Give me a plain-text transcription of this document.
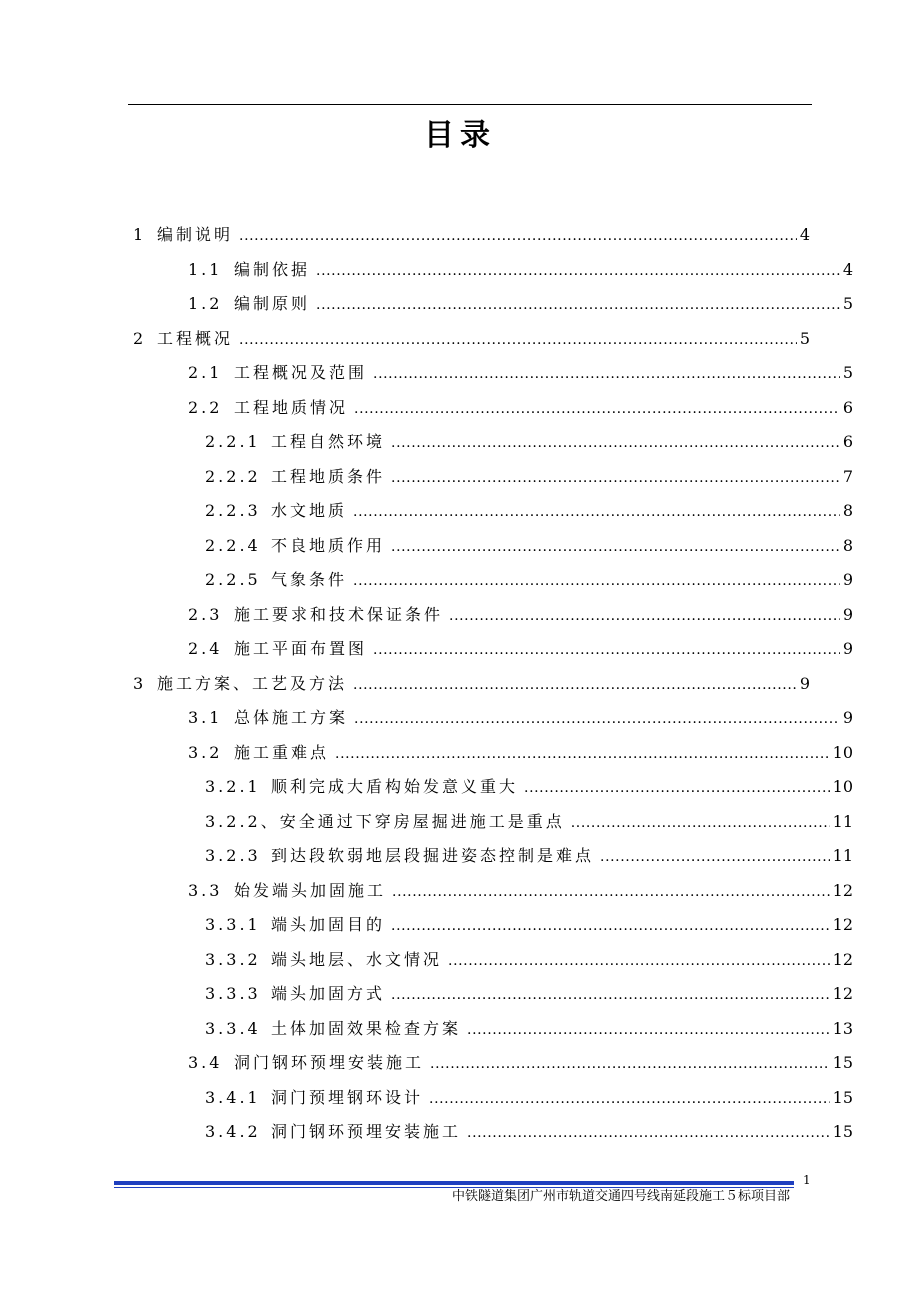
目录
1 编制说明 .....	4
1.1 编制依据 .....	4
1.2 编制原则 .....	5
2 工程概况 .....	5
2.1 工程概况及范围 .....	5
2.2 工程地质情况 .....	6
2.2.1 工程自然环境 .....	6
2.2.2 工程地质条件 .....	7
2.2.3 水文地质 .....	8
2.2.4 不良地质作用 .....	8
2.2.5 气象条件 .....	9
2.3 施工要求和技术保证条件 .....	9
2.4 施工平面布置图 .....	9
3 施工方案、工艺及方法 .....	9
3.1 总体施工方案 .....	9
3.2 施工重难点 .....	10
3.2.1 顺利完成大盾构始发意义重大 .....	10
3.2.2、 安全通过下穿房屋掘进施工是重点 .....	11
3.2.3 到达段软弱地层段掘进姿态控制是难点 .....	11
3.3 始发端头加固施工 .....	12
3.3.1 端头加固目的 .....	12
3.3.2 端头地层、水文情况 .....	12
3.3.3 端头加固方式 .....	12
3.3.4 土体加固效果检查方案 .....	13
3.4 洞门钢环预埋安装施工 .....	15
3.4.1 洞门预埋钢环设计 .....	15
3.4.2 洞门钢环预埋安装施工 .....	15
1
中铁隧道集团广州市轨道交通四号线南延段施工５标项目部
